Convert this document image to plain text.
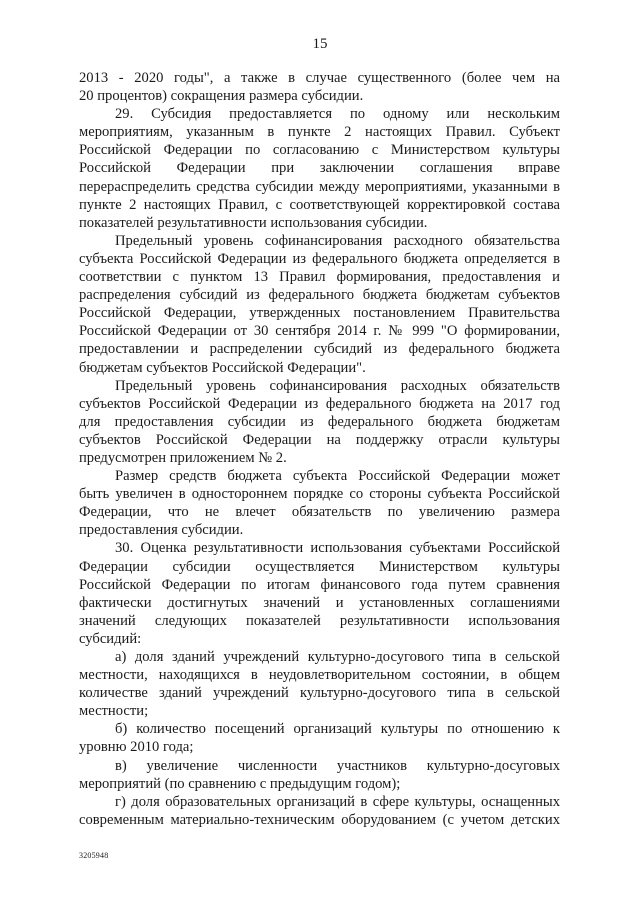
15
2013 - 2020 годы", а также в случае существенного (более чем на
20 процентов) сокращения размера субсидии.
29. Субсидия предоставляется по одному или нескольким
мероприятиям, указанным в пункте 2 настоящих Правил. Субъект
Российской Федерации по согласованию с Министерством культуры
Российской Федерации при заключении соглашения вправе
перераспределить средства субсидии между мероприятиями, указанными в
пункте 2 настоящих Правил, с соответствующей корректировкой состава
показателей результативности использования субсидии.
Предельный уровень софинансирования расходного обязательства
субъекта Российской Федерации из федерального бюджета определяется в
соответствии с пунктом 13 Правил формирования, предоставления и
распределения субсидий из федерального бюджета бюджетам субъектов
Российской Федерации, утвержденных постановлением Правительства
Российской Федерации от 30 сентября 2014 г. № 999 "О формировании,
предоставлении и распределении субсидий из федерального бюджета
бюджетам субъектов Российской Федерации".
Предельный уровень софинансирования расходных обязательств
субъектов Российской Федерации из федерального бюджета на 2017 год
для предоставления субсидии из федерального бюджета бюджетам
субъектов Российской Федерации на поддержку отрасли культуры
предусмотрен приложением № 2.
Размер средств бюджета субъекта Российской Федерации может
быть увеличен в одностороннем порядке со стороны субъекта Российской
Федерации, что не влечет обязательств по увеличению размера
предоставления субсидии.
30. Оценка результативности использования субъектами Российской
Федерации субсидии осуществляется Министерством культуры
Российской Федерации по итогам финансового года путем сравнения
фактически достигнутых значений и установленных соглашениями
значений следующих показателей результативности использования
субсидий:
а) доля зданий учреждений культурно-досугового типа в сельской
местности, находящихся в неудовлетворительном состоянии, в общем
количестве зданий учреждений культурно-досугового типа в сельской
местности;
б) количество посещений организаций культуры по отношению к
уровню 2010 года;
в) увеличение численности участников культурно-досуговых
мероприятий (по сравнению с предыдущим годом);
г) доля образовательных организаций в сфере культуры, оснащенных
современным материально-техническим оборудованием (с учетом детских
3205948
